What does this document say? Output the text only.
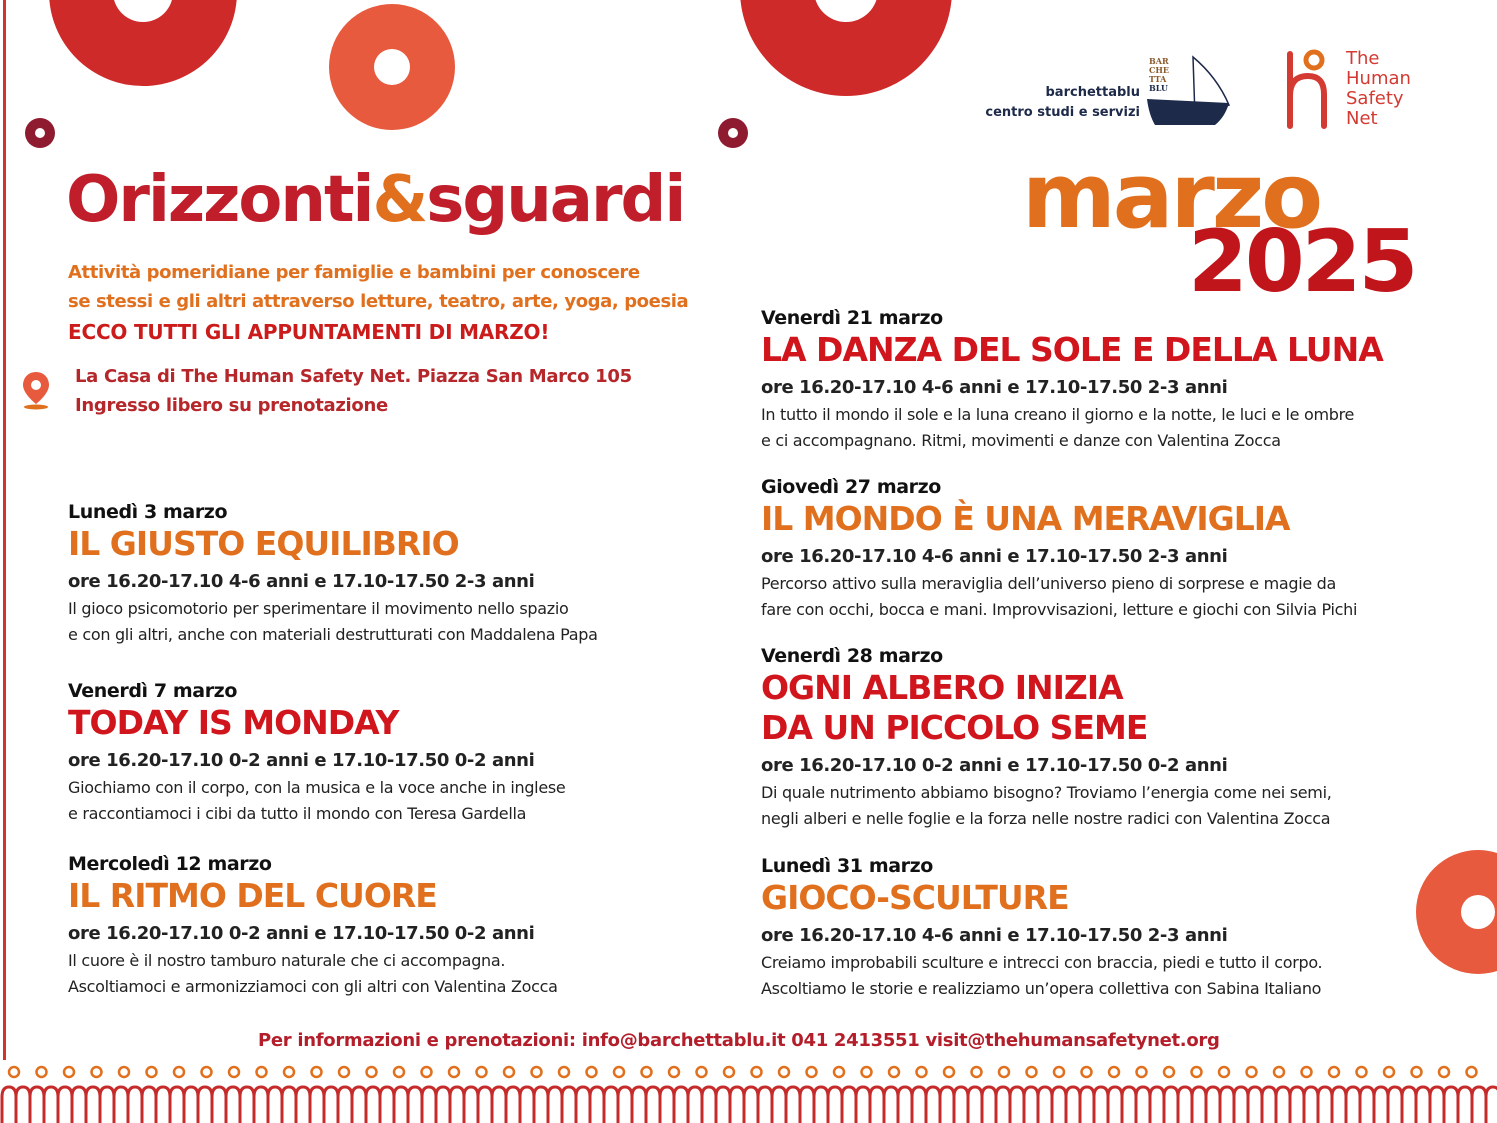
barchettablu
centro studi e servizi
BAR
CHE
TTA
BLU
The
Human
Safety
Net
Orizzonti&sguardi
Attività pomeridiane per famiglie e bambini per conoscere
se stessi e gli altri attraverso letture, teatro, arte, yoga, poesia
ECCO TUTTI GLI APPUNTAMENTI DI MARZO!
La Casa di The Human Safety Net. Piazza San Marco 105
Ingresso libero su prenotazione
marzo
2025
Lunedì 3 marzo
IL GIUSTO EQUILIBRIO
ore 16.20-17.10 4-6 anni e 17.10-17.50 2-3 anni
Il gioco psicomotorio per sperimentare il movimento nello spazio
e con gli altri, anche con materiali destrutturati con Maddalena Papa
Venerdì 7 marzo
TODAY IS MONDAY
ore 16.20-17.10 0-2 anni e 17.10-17.50 0-2 anni
Giochiamo con il corpo, con la musica e la voce anche in inglese
e raccontiamoci i cibi da tutto il mondo con Teresa Gardella
Mercoledì 12 marzo
IL RITMO DEL CUORE
ore 16.20-17.10 0-2 anni e 17.10-17.50 0-2 anni
Il cuore è il nostro tamburo naturale che ci accompagna.
Ascoltiamoci e armonizziamoci con gli altri con Valentina Zocca
Venerdì 21 marzo
LA DANZA DEL SOLE E DELLA LUNA
ore 16.20-17.10 4-6 anni e 17.10-17.50 2-3 anni
In tutto il mondo il sole e la luna creano il giorno e la notte, le luci e le ombre
e ci accompagnano. Ritmi, movimenti e danze con Valentina Zocca
Giovedì 27 marzo
IL MONDO È UNA MERAVIGLIA
ore 16.20-17.10 4-6 anni e 17.10-17.50 2-3 anni
Percorso attivo sulla meraviglia dell’universo pieno di sorprese e magie da
fare con occhi, bocca e mani. Improvvisazioni, letture e giochi con Silvia Pichi
Venerdì 28 marzo
OGNI ALBERO INIZIA
DA UN PICCOLO SEME
ore 16.20-17.10 0-2 anni e 17.10-17.50 0-2 anni
Di quale nutrimento abbiamo bisogno? Troviamo l’energia come nei semi,
negli alberi e nelle foglie e la forza nelle nostre radici con Valentina Zocca
Lunedì 31 marzo
GIOCO-SCULTURE
ore 16.20-17.10 4-6 anni e 17.10-17.50 2-3 anni
Creiamo improbabili sculture e intrecci con braccia, piedi e tutto il corpo.
Ascoltiamo le storie e realizziamo un’opera collettiva con Sabina Italiano
Per informazioni e prenotazioni: info@barchettablu.it 041 2413551 visit@thehumansafetynet.org
